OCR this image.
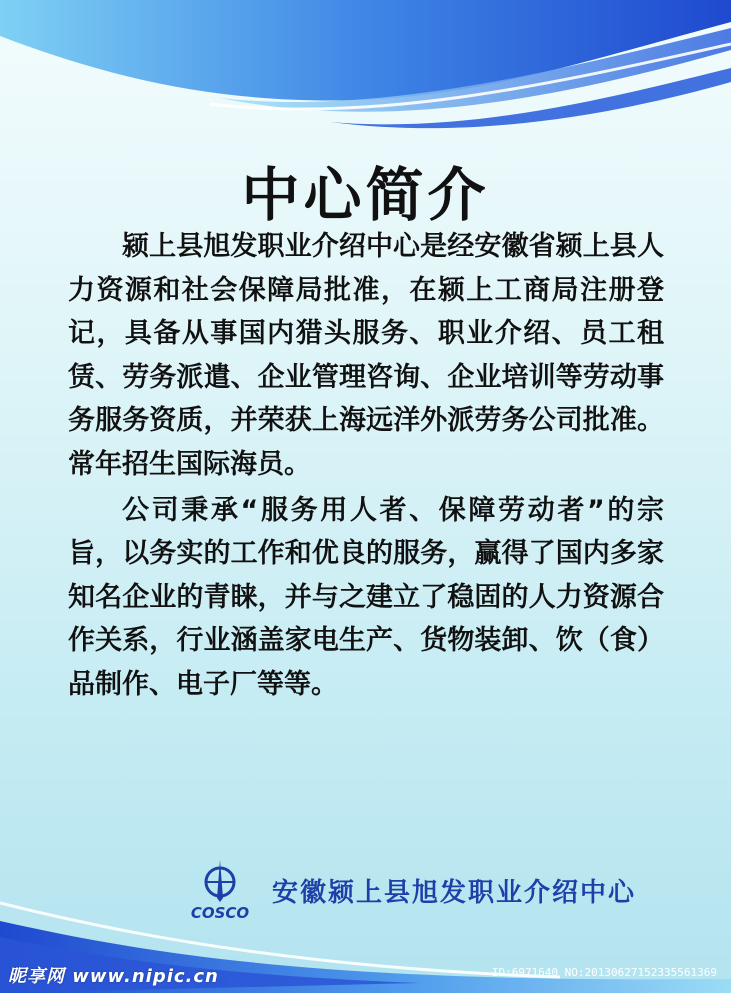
中心简介

颍上县旭发职业介绍中心是经安徽省颍上县人力资源和社会保障局批准，在颍上工商局注册登记，具备从事国内猎头服务、职业介绍、员工租赁、劳务派遣、企业管理咨询、企业培训等劳动事务服务资质，并荣获上海远洋外派劳务公司批准。常年招生国际海员。

公司秉承“服务用人者、保障劳动者”的宗旨，以务实的工作和优良的服务，赢得了国内多家知名企业的青睐，并与之建立了稳固的人力资源合作关系，行业涵盖家电生产、货物装卸、饮（食）品制作、电子厂等等。

COSCO
安徽颍上县旭发职业介绍中心
昵享网 www.nipic.cn	ID:6971640 NO:20130627152335561369
